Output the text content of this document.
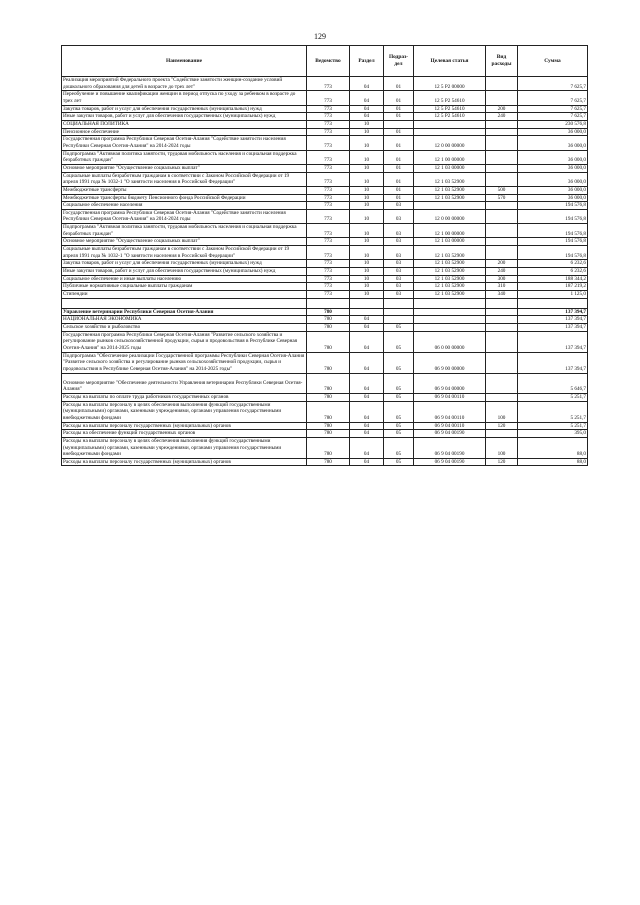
129
Наименование	Ведомство	Раздел	Подраз-дел	Целевая статья	Вид расходы	Сумма
Реализация мероприятий Федерального проекта "Содействие занятости женщин-создание условий дошкольного образования для детей в возрасте до трех лет"	773	04	01	12 5 P2 00000		7 625,7
Переобучение и повышение квалификации женщин в период отпуска по уходу за ребенком в возрасте до трех лет	773	04	01	12 5 P2 54610		7 625,7
Закупка товаров, работ и услуг для обеспечения государственных (муниципальных) нужд	773	04	01	12 5 P2 54610	200	7 625,7
Иные закупки товаров, работ и услуг для обеспечения государственных (муниципальных) нужд	773	04	01	12 5 P2 54610	240	7 625,7
СОЦИАЛЬНАЯ ПОЛИТИКА	773	10				230 576,8
Пенсионное обеспечение	773	10	01			36 000,0
Государственная программа Республики Северная Осетия-Алания "Содействие занятости населения Республики Северная Осетия-Алания" на 2014-2024 годы	773	10	01	12 0 00 00000		36 000,0
Подпрограмма "Активная политика занятости, трудовая мобильность населения и социальная поддержка безработных граждан"	773	10	01	12 1 00 00000		36 000,0
Основное мероприятие "Осуществление социальных выплат"	773	10	01	12 1 03 00000		36 000,0
Социальные выплаты безработным гражданам в соответствии с Законом Российской Федерации от 19 апреля 1991 года № 1032-1 "О занятости населения в Российской Федерации"	773	10	01	12 1 03 52900		36 000,0
Межбюджетные трансферты	773	10	01	12 1 03 52900	500	36 000,0
Межбюджетные трансферты бюджету Пенсионного фонда Российской Федерации	773	10	01	12 1 03 52900	570	36 000,0
Социальное обеспечение населения	773	10	03			194 576,8
Государственная программа Республики Северная Осетия-Алания "Содействие занятости населения Республики Северная Осетия-Алания" на 2014-2024 годы	773	10	03	12 0 00 00000		194 576,8
Подпрограмма "Активная политика занятости, трудовая мобильность населения и социальная поддержка безработных граждан"	773	10	03	12 1 00 00000		194 576,8
Основное мероприятие "Осуществление социальных выплат"	773	10	03	12 1 03 00000		194 576,8
Социальные выплаты безработным гражданам в соответствии с Законом Российской Федерации от 19 апреля 1991 года № 1032-1 "О занятости населения в Российской Федерации"	773	10	03	12 1 03 52900		194 576,8
Закупка товаров, работ и услуг для обеспечения государственных (муниципальных) нужд	773	10	03	12 1 03 52900	200	6 232,6
Иные закупки товаров, работ и услуг для обеспечения государственных (муниципальных) нужд	773	10	03	12 1 03 52900	240	6 232,6
Социальное обеспечение и иные выплаты населению	773	10	03	12 1 03 52900	300	188 344,2
Публичные нормативные социальные выплаты гражданам	773	10	03	12 1 03 52900	310	187 219,2
Стипендии	773	10	03	12 1 03 52900	340	1 125,0

Управление ветеринарии Республики Северная Осетия-Алания	780					137 394,7
НАЦИОНАЛЬНАЯ ЭКОНОМИКА	780	04				137 394,7
Сельское хозяйство и рыболовство	780	04	05			137 394,7
Государственная программа Республики Северная Осетия-Алания "Развитие сельского хозяйства и регулирование рынков сельскохозяйственной продукции, сырья и продовольствия в Республике Северная Осетия-Алания" на 2014-2025 годы	780	04	05	06 0 00 00000		137 394,7
Подпрограмма "Обеспечение реализации Государственной программы Республики Северная Осетия-Алания "Развитие сельского хозяйства и регулирование рынков сельскохозяйственной продукции, сырья и продовольствия в Республике Северная Осетия-Алания" на 2014-2025 годы"	780	04	05	06 9 00 00000		137 394,7
Основное мероприятие "Обеспечение деятельности Управления ветеринарии Республики Северная Осетия-Алания"	780	04	05	06 9 04 00000		5 646,7
Расходы на выплаты по оплате труда работников государственных органов	780	04	05	06 9 04 00110		5 251,7
Расходы на выплаты персоналу в целях обеспечения выполнения функций государственными (муниципальными) органами, казенными учреждениями, органами управления государственными внебюджетными фондами	780	04	05	06 9 04 00110	100	5 251,7
Расходы на выплаты персоналу государственных (муниципальных) органов	780	04	05	06 9 04 00110	120	5 251,7
Расходы на обеспечение функций государственных органов	780	04	05	06 9 04 00190		395,0
Расходы на выплаты персоналу в целях обеспечения выполнения функций государственными (муниципальными) органами, казенными учреждениями, органами управления государственными внебюджетными фондами	780	04	05	06 9 04 00190	100	88,0
Расходы на выплаты персоналу государственных (муниципальных) органов	780	04	05	06 9 04 00190	120	88,0
